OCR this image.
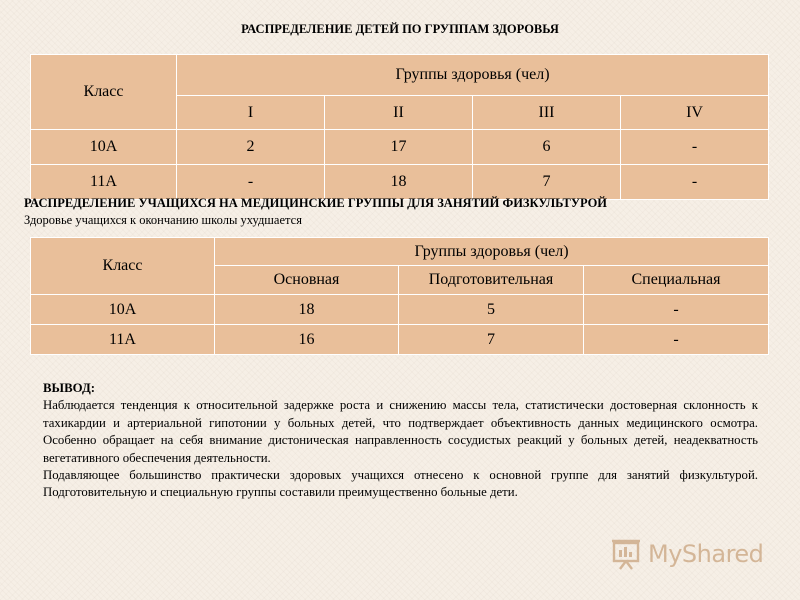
РАСПРЕДЕЛЕНИЕ ДЕТЕЙ ПО ГРУППАМ ЗДОРОВЬЯ
Класс	Группы здоровья (чел)			
	I	II	III	IV
10А	2	17	6	-
11А	-	18	7	-
РАСПРЕДЕЛЕНИЕ УЧАЩИХСЯ НА МЕДИЦИНСКИЕ ГРУППЫ ДЛЯ ЗАНЯТИЙ ФИЗКУЛЬТУРОЙ
Здоровье учащихся к окончанию школы ухудшается
Класс	Группы здоровья (чел)		
	Основная	Подготовительная	Специальная
10А	18	5	-
11А	16	7	-
ВЫВОД:

Наблюдается тенденция к относительной задержке роста и снижению массы тела, статистически достоверная склонность к тахикардии и артериальной гипотонии у больных детей, что подтверждает объективность данных медицинского осмотра. Особенно обращает на себя внимание дистоническая направленность сосудистых реакций у больных детей, неадекватность вегетативного обеспечения деятельности.

Подавляющее большинство практически здоровых учащихся отнесено к основной группе для занятий физкультурой. Подготовительную и специальную группы составили преимущественно больные дети.

MyShared
